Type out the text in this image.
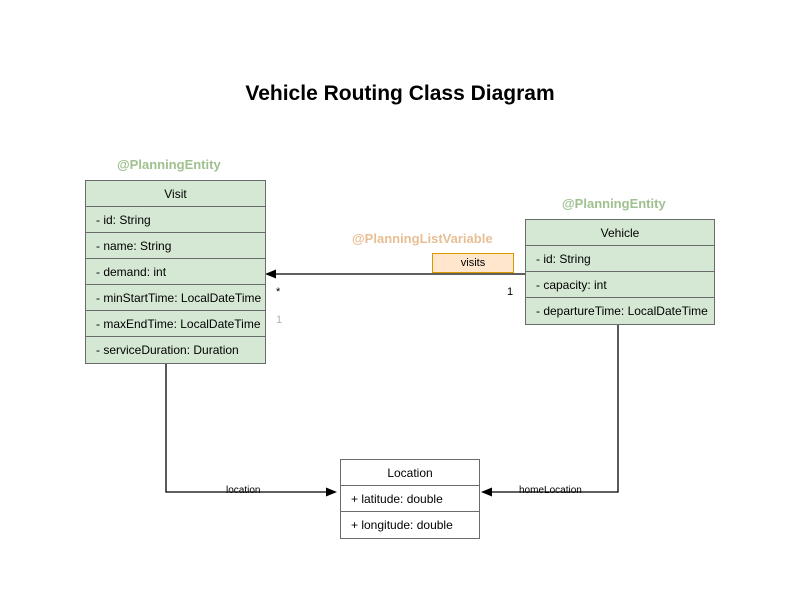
Vehicle Routing Class Diagram
@PlanningEntity
Visit
- id: String
- name: String
- demand: int
- minStartTime: LocalDateTime
- maxEndTime: LocalDateTime
- serviceDuration: Duration
@PlanningEntity
Vehicle
- id: String
- capacity: int
- departureTime: LocalDateTime
Location
+ latitude: double
+ longitude: double
@PlanningListVariable
visits
1
*
1
location	homeLocation
